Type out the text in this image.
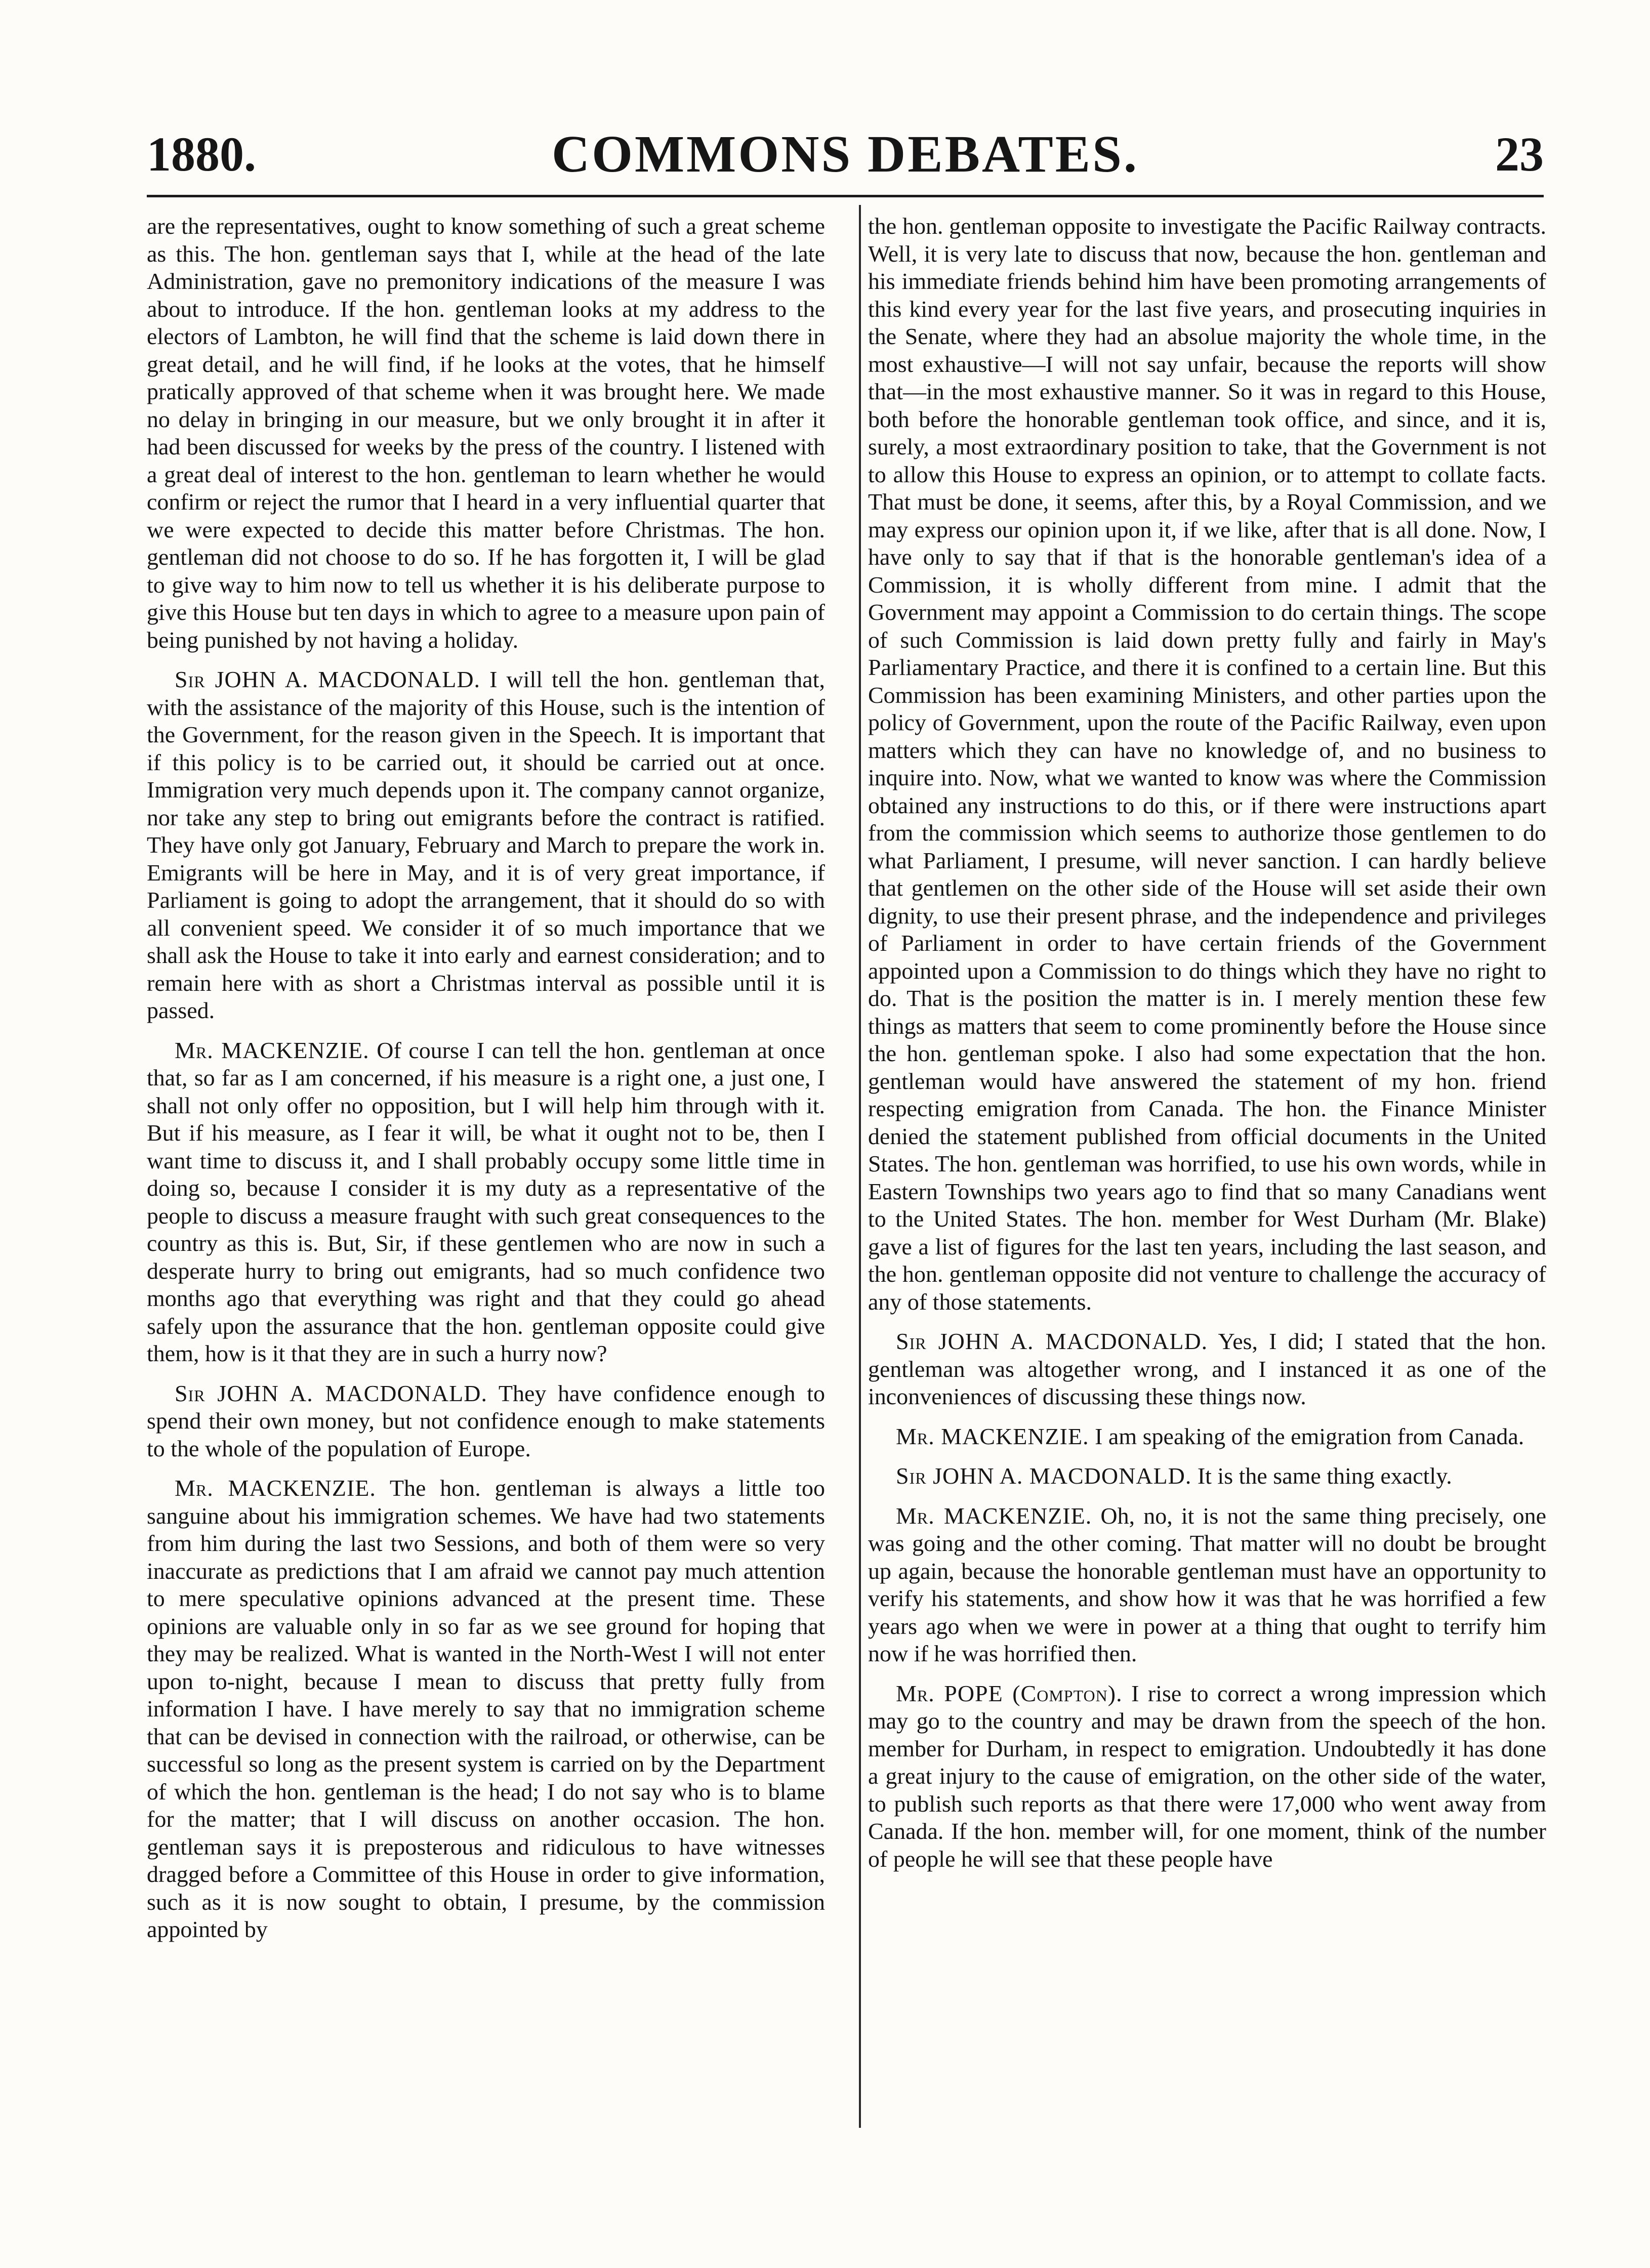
1880.	COMMONS DEBATES.	23

are the representatives, ought to know something of such a great scheme as this. The hon. gentleman says that I, while at the head of the late Administration, gave no premonitory indications of the measure I was about to introduce. If the hon. gentleman looks at my address to the electors of Lambton, he will find that the scheme is laid down there in great detail, and he will find, if he looks at the votes, that he himself pratically approved of that scheme when it was brought here. We made no delay in bringing in our measure, but we only brought it in after it had been discussed for weeks by the press of the country. I listened with a great deal of interest to the hon. gentleman to learn whether he would confirm or reject the rumor that I heard in a very influential quarter that we were expected to decide this matter before Christmas. The hon. gentleman did not choose to do so. If he has forgotten it, I will be glad to give way to him now to tell us whether it is his deliberate purpose to give this House but ten days in which to agree to a measure upon pain of being punished by not having a holiday.

Sir JOHN A. MACDONALD. I will tell the hon. gentleman that, with the assistance of the majority of this House, such is the intention of the Government, for the reason given in the Speech. It is important that if this policy is to be carried out, it should be carried out at once. Immigration very much depends upon it. The company cannot organize, nor take any step to bring out emigrants before the contract is ratified. They have only got January, February and March to prepare the work in. Emigrants will be here in May, and it is of very great importance, if Parliament is going to adopt the arrangement, that it should do so with all convenient speed. We consider it of so much importance that we shall ask the House to take it into early and earnest consideration; and to remain here with as short a Christmas interval as possible until it is passed.

Mr. MACKENZIE. Of course I can tell the hon. gentleman at once that, so far as I am concerned, if his measure is a right one, a just one, I shall not only offer no opposition, but I will help him through with it. But if his measure, as I fear it will, be what it ought not to be, then I want time to discuss it, and I shall probably occupy some little time in doing so, because I consider it is my duty as a representative of the people to discuss a measure fraught with such great consequences to the country as this is. But, Sir, if these gentlemen who are now in such a desperate hurry to bring out emigrants, had so much confidence two months ago that everything was right and that they could go ahead safely upon the assurance that the hon. gentleman opposite could give them, how is it that they are in such a hurry now?

Sir JOHN A. MACDONALD. They have confidence enough to spend their own money, but not confidence enough to make statements to the whole of the population of Europe.

Mr. MACKENZIE. The hon. gentleman is always a little too sanguine about his immigration schemes. We have had two statements from him during the last two Sessions, and both of them were so very inaccurate as predictions that I am afraid we cannot pay much attention to mere speculative opinions advanced at the present time. These opinions are valuable only in so far as we see ground for hoping that they may be realized. What is wanted in the North-West I will not enter upon to-night, because I mean to discuss that pretty fully from information I have. I have merely to say that no immigration scheme that can be devised in connection with the railroad, or otherwise, can be successful so long as the present system is carried on by the Department of which the hon. gentleman is the head; I do not say who is to blame for the matter; that I will discuss on another occasion. The hon. gentleman says it is preposterous and ridiculous to have witnesses dragged before a Committee of this House in order to give information, such as it is now sought to obtain, I presume, by the commission appointed by

the hon. gentleman opposite to investigate the Pacific Railway contracts. Well, it is very late to discuss that now, because the hon. gentleman and his immediate friends behind him have been promoting arrangements of this kind every year for the last five years, and prosecuting inquiries in the Senate, where they had an absolue majority the whole time, in the most exhaustive—I will not say unfair, because the reports will show that—in the most exhaustive manner. So it was in regard to this House, both before the honorable gentleman took office, and since, and it is, surely, a most extraordinary position to take, that the Government is not to allow this House to express an opinion, or to attempt to collate facts. That must be done, it seems, after this, by a Royal Commission, and we may express our opinion upon it, if we like, after that is all done. Now, I have only to say that if that is the honorable gentleman's idea of a Commission, it is wholly different from mine. I admit that the Government may appoint a Commission to do certain things. The scope of such Commission is laid down pretty fully and fairly in May's Parliamentary Practice, and there it is confined to a certain line. But this Commission has been examining Ministers, and other parties upon the policy of Government, upon the route of the Pacific Railway, even upon matters which they can have no knowledge of, and no business to inquire into. Now, what we wanted to know was where the Commission obtained any instructions to do this, or if there were instructions apart from the commission which seems to authorize those gentlemen to do what Parliament, I presume, will never sanction. I can hardly believe that gentlemen on the other side of the House will set aside their own dignity, to use their present phrase, and the independence and privileges of Parliament in order to have certain friends of the Government appointed upon a Commission to do things which they have no right to do. That is the position the matter is in. I merely mention these few things as matters that seem to come prominently before the House since the hon. gentleman spoke. I also had some expectation that the hon. gentleman would have answered the statement of my hon. friend respecting emigration from Canada. The hon. the Finance Minister denied the statement published from official documents in the United States. The hon. gentleman was horrified, to use his own words, while in Eastern Townships two years ago to find that so many Canadians went to the United States. The hon. member for West Durham (Mr. Blake) gave a list of figures for the last ten years, including the last season, and the hon. gentleman opposite did not venture to challenge the accuracy of any of those statements.

Sir JOHN A. MACDONALD. Yes, I did; I stated that the hon. gentleman was altogether wrong, and I instanced it as one of the inconveniences of discussing these things now.

Mr. MACKENZIE. I am speaking of the emigration from Canada.

Sir JOHN A. MACDONALD. It is the same thing exactly.

Mr. MACKENZIE. Oh, no, it is not the same thing precisely, one was going and the other coming. That matter will no doubt be brought up again, because the honorable gentleman must have an opportunity to verify his statements, and show how it was that he was horrified a few years ago when we were in power at a thing that ought to terrify him now if he was horrified then.

Mr. POPE (Compton). I rise to correct a wrong impression which may go to the country and may be drawn from the speech of the hon. member for Durham, in respect to emigration. Undoubtedly it has done a great injury to the cause of emigration, on the other side of the water, to publish such reports as that there were 17,000 who went away from Canada. If the hon. member will, for one moment, think of the number of people he will see that these people have
